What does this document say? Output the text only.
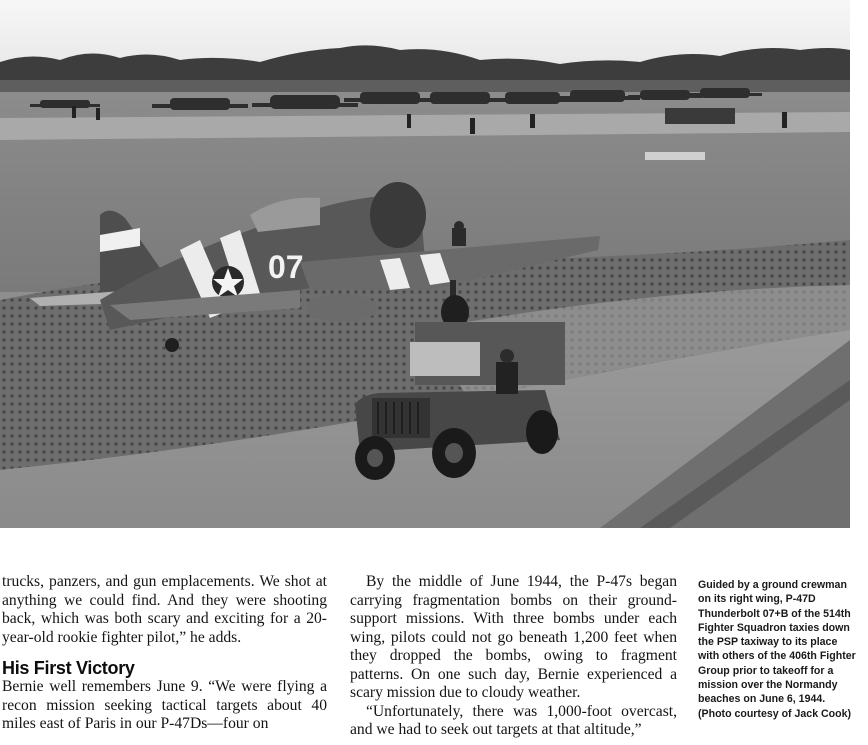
07

trucks, panzers, and gun emplacements. We shot at anything we could find. And they were shooting back, which was both scary and exciting for a 20-year-old rookie fighter pilot,” he adds.

His First Victory

Bernie well remembers June 9. “We were flying a recon mission seeking tactical targets about 40 miles east of Paris in our P-47Ds—four on

By the middle of June 1944, the P-47s began carrying fragmentation bombs on their ground-support missions. With three bombs under each wing, pilots could not go beneath 1,200 feet when they dropped the bombs, owing to fragment patterns. On one such day, Bernie experienced a scary mission due to cloudy weather.

“Unfortunately, there was 1,000-foot overcast, and we had to seek out targets at that altitude,”

Guided by a ground crewman on its right wing, P-47D Thunderbolt 07+B of the 514th Fighter Squadron taxies down the PSP taxiway to its place with others of the 406th Fighter Group prior to takeoff for a mission over the Normandy beaches on June 6, 1944. (Photo courtesy of Jack Cook)
